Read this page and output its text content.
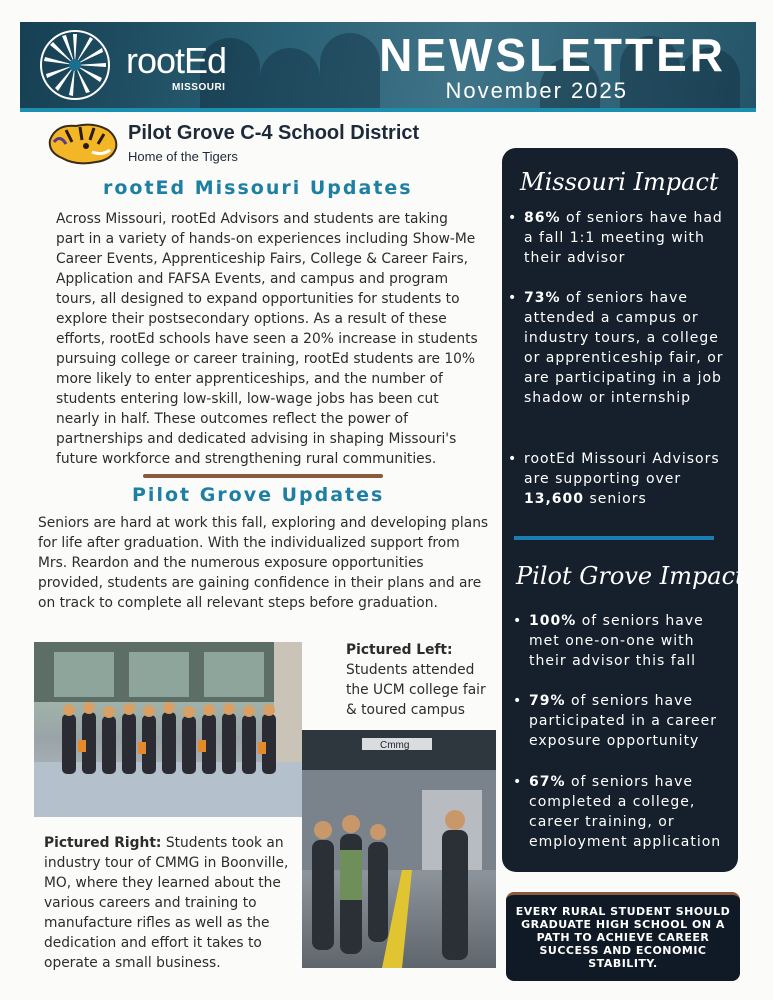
rootEd
MISSOURI
NEWSLETTER
November 2025
Pilot Grove C-4 School District
Home of the Tigers
rootEd Missouri Updates

Across Missouri, rootEd Advisors and students are taking part in a variety of hands-on experiences including Show-Me Career Events, Apprenticeship Fairs, College & Career Fairs, Application and FAFSA Events, and campus and program tours, all designed to expand opportunities for students to explore their postsecondary options. As a result of these efforts, rootEd schools have seen a 20% increase in students pursuing college or career training, rootEd students are 10% more likely to enter apprenticeships, and the number of students entering low-skill, low-wage jobs has been cut nearly in half. These outcomes reflect the power of partnerships and dedicated advising in shaping Missouri's future workforce and strengthening rural communities.

Pilot Grove Updates

Seniors are hard at work this fall, exploring and developing plans for life after graduation. With the individualized support from Mrs. Reardon and the numerous exposure opportunities provided, students are gaining confidence in their plans and are on track to complete all relevant steps before graduation.

Cmmg

Pictured Left:
Students attended the UCM college fair & toured campus

Pictured Right: Students took an industry tour of CMMG in Boonville, MO, where they learned about the various careers and training to manufacture rifles as well as the dedication and effort it takes to operate a small business.

Missouri Impact

• 86% of seniors have had a fall 1:1 meeting with their advisor

• 73% of seniors have attended a campus or industry tours, a college or apprenticeship fair, or are participating in a job shadow or internship

• rootEd Missouri Advisors are supporting over 13,600 seniors

Pilot Grove Impact

• 100% of seniors have met one-on-one with their advisor this fall

• 79% of seniors have participated in a career exposure opportunity

• 67% of seniors have completed a college, career training, or employment application

EVERY RURAL STUDENT SHOULD GRADUATE HIGH SCHOOL ON A PATH TO ACHIEVE CAREER SUCCESS AND ECONOMIC STABILITY.
